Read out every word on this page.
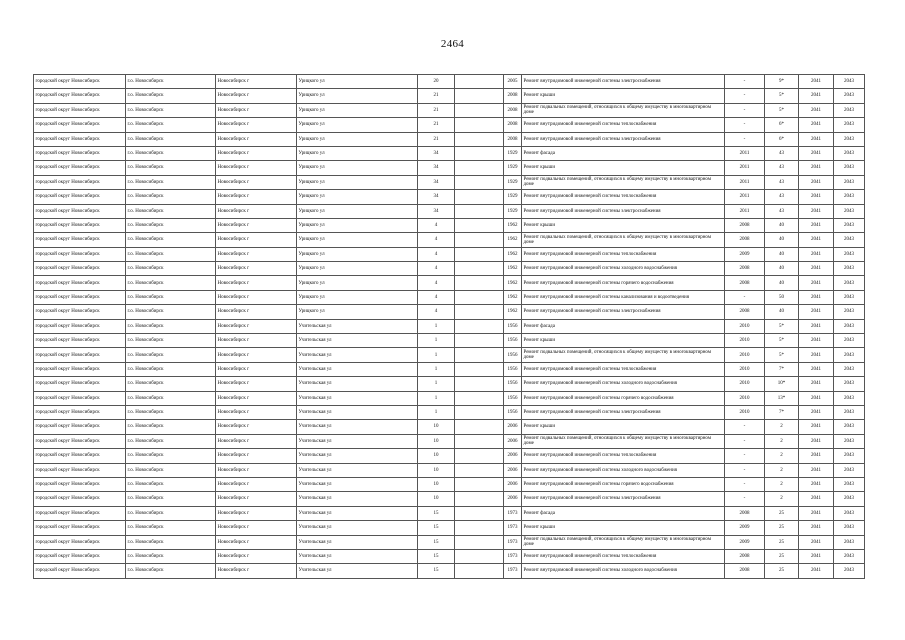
2464
городской округ Новосибирск	г.о. Новосибирск	Новосибирск г	Урицкого ул	20		2005	Ремонт внутридомовой инженерной системы электроснабжения	-	9*	2041	2043
городской округ Новосибирск	г.о. Новосибирск	Новосибирск г	Урицкого ул	21		2008	Ремонт крыши	-	5*	2041	2043
городской округ Новосибирск	г.о. Новосибирск	Новосибирск г	Урицкого ул	21		2008	Ремонт подвальных помещений, относящихся к общему имуществу в многоквартирном доме	-	5*	2041	2043
городской округ Новосибирск	г.о. Новосибирск	Новосибирск г	Урицкого ул	21		2008	Ремонт внутридомовой инженерной системы теплоснабжения	-	6*	2041	2043
городской округ Новосибирск	г.о. Новосибирск	Новосибирск г	Урицкого ул	21		2008	Ремонт внутридомовой инженерной системы электроснабжения	-	6*	2041	2043
городской округ Новосибирск	г.о. Новосибирск	Новосибирск г	Урицкого ул	34		1929	Ремонт фасада	2011	43	2041	2043
городской округ Новосибирск	г.о. Новосибирск	Новосибирск г	Урицкого ул	34		1929	Ремонт крыши	2011	43	2041	2043
городской округ Новосибирск	г.о. Новосибирск	Новосибирск г	Урицкого ул	34		1929	Ремонт подвальных помещений, относящихся к общему имуществу в многоквартирном доме	2011	43	2041	2043
городской округ Новосибирск	г.о. Новосибирск	Новосибирск г	Урицкого ул	34		1929	Ремонт внутридомовой инженерной системы теплоснабжения	2011	43	2041	2043
городской округ Новосибирск	г.о. Новосибирск	Новосибирск г	Урицкого ул	34		1929	Ремонт внутридомовой инженерной системы электроснабжения	2011	43	2041	2043
городской округ Новосибирск	г.о. Новосибирск	Новосибирск г	Урицкого ул	4		1962	Ремонт крыши	2008	40	2041	2043
городской округ Новосибирск	г.о. Новосибирск	Новосибирск г	Урицкого ул	4		1962	Ремонт подвальных помещений, относящихся к общему имуществу в многоквартирном доме	2008	40	2041	2043
городской округ Новосибирск	г.о. Новосибирск	Новосибирск г	Урицкого ул	4		1962	Ремонт внутридомовой инженерной системы теплоснабжения	2009	40	2041	2043
городской округ Новосибирск	г.о. Новосибирск	Новосибирск г	Урицкого ул	4		1962	Ремонт внутридомовой инженерной системы холодного водоснабжения	2008	40	2041	2043
городской округ Новосибирск	г.о. Новосибирск	Новосибирск г	Урицкого ул	4		1962	Ремонт внутридомовой инженерной системы горячего водоснабжения	2008	40	2041	2043
городской округ Новосибирск	г.о. Новосибирск	Новосибирск г	Урицкого ул	4		1962	Ремонт внутридомовой инженерной системы канализования и водоотведения	-	50	2041	2043
городской округ Новосибирск	г.о. Новосибирск	Новосибирск г	Урицкого ул	4		1962	Ремонт внутридомовой инженерной системы электроснабжения	2008	40	2041	2043
городской округ Новосибирск	г.о. Новосибирск	Новосибирск г	Учительская ул	1		1956	Ремонт фасада	2010	5*	2041	2043
городской округ Новосибирск	г.о. Новосибирск	Новосибирск г	Учительская ул	1		1956	Ремонт крыши	2010	5*	2041	2043
городской округ Новосибирск	г.о. Новосибирск	Новосибирск г	Учительская ул	1		1956	Ремонт подвальных помещений, относящихся к общему имуществу в многоквартирном доме	2010	5*	2041	2043
городской округ Новосибирск	г.о. Новосибирск	Новосибирск г	Учительская ул	1		1956	Ремонт внутридомовой инженерной системы теплоснабжения	2010	7*	2041	2043
городской округ Новосибирск	г.о. Новосибирск	Новосибирск г	Учительская ул	1		1956	Ремонт внутридомовой инженерной системы холодного водоснабжения	2010	10*	2041	2043
городской округ Новосибирск	г.о. Новосибирск	Новосибирск г	Учительская ул	1		1956	Ремонт внутридомовой инженерной системы горячего водоснабжения	2010	13*	2041	2043
городской округ Новосибирск	г.о. Новосибирск	Новосибирск г	Учительская ул	1		1956	Ремонт внутридомовой инженерной системы электроснабжения	2010	7*	2041	2043
городской округ Новосибирск	г.о. Новосибирск	Новосибирск г	Учительская ул	10		2006	Ремонт крыши	-	2	2041	2043
городской округ Новосибирск	г.о. Новосибирск	Новосибирск г	Учительская ул	10		2006	Ремонт подвальных помещений, относящихся к общему имуществу в многоквартирном доме	-	2	2041	2043
городской округ Новосибирск	г.о. Новосибирск	Новосибирск г	Учительская ул	10		2006	Ремонт внутридомовой инженерной системы теплоснабжения	-	2	2041	2043
городской округ Новосибирск	г.о. Новосибирск	Новосибирск г	Учительская ул	10		2006	Ремонт внутридомовой инженерной системы холодного водоснабжения	-	2	2041	2043
городской округ Новосибирск	г.о. Новосибирск	Новосибирск г	Учительская ул	10		2006	Ремонт внутридомовой инженерной системы горячего водоснабжения	-	2	2041	2043
городской округ Новосибирск	г.о. Новосибирск	Новосибирск г	Учительская ул	10		2006	Ремонт внутридомовой инженерной системы электроснабжения	-	2	2041	2043
городской округ Новосибирск	г.о. Новосибирск	Новосибирск г	Учительская ул	15		1973	Ремонт фасада	2008	25	2041	2043
городской округ Новосибирск	г.о. Новосибирск	Новосибирск г	Учительская ул	15		1973	Ремонт крыши	2009	25	2041	2043
городской округ Новосибирск	г.о. Новосибирск	Новосибирск г	Учительская ул	15		1973	Ремонт подвальных помещений, относящихся к общему имуществу в многоквартирном доме	2009	25	2041	2043
городской округ Новосибирск	г.о. Новосибирск	Новосибирск г	Учительская ул	15		1973	Ремонт внутридомовой инженерной системы теплоснабжения	2008	25	2041	2043
городской округ Новосибирск	г.о. Новосибирск	Новосибирск г	Учительская ул	15		1973	Ремонт внутридомовой инженерной системы холодного водоснабжения	2008	25	2041	2043
